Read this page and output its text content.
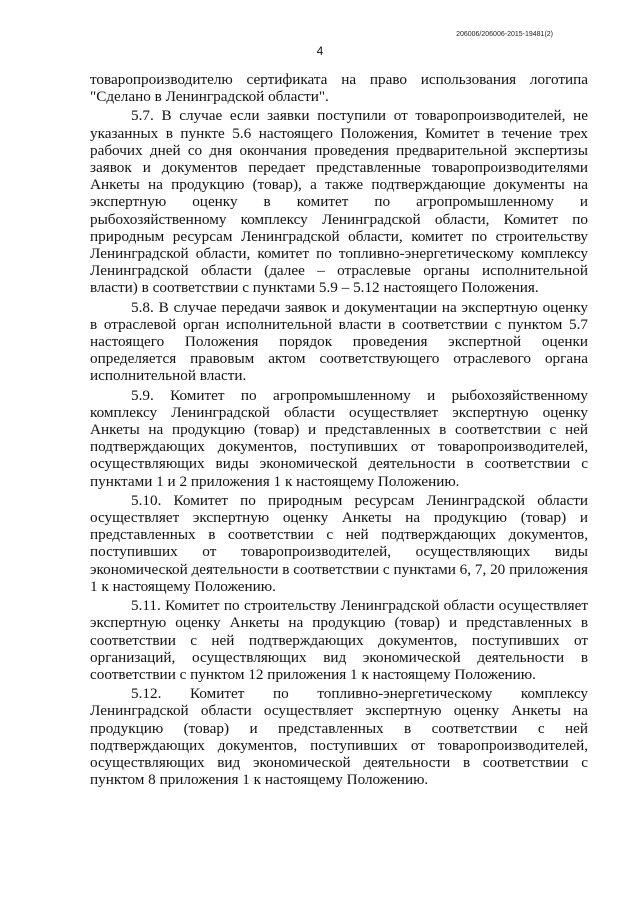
206006/206006-2015-19481(2)
4

товаропроизводителю сертификата на право использования логотипа "Сделано в Ленинградской области".

5.7. В случае если заявки поступили от товаропроизводителей, не указанных в пункте 5.6 настоящего Положения, Комитет в течение трех рабочих дней со дня окончания проведения предварительной экспертизы заявок и документов передает представленные товаропроизводителями Анкеты на продукцию (товар), а также подтверждающие документы на экспертную оценку в комитет по агропромышленному и рыбохозяйственному комплексу Ленинградской области, Комитет по природным ресурсам Ленинградской области, комитет по строительству Ленинградской области, комитет по топливно-энергетическому комплексу Ленинградской области (далее – отраслевые органы исполнительной власти) в соответствии с пунктами 5.9 – 5.12 настоящего Положения.

5.8. В случае передачи заявок и документации на экспертную оценку в отраслевой орган исполнительной власти в соответствии с пунктом 5.7 настоящего Положения порядок проведения экспертной оценки определяется правовым актом соответствующего отраслевого органа исполнительной власти.

5.9. Комитет по агропромышленному и рыбохозяйственному комплексу Ленинградской области осуществляет экспертную оценку Анкеты на продукцию (товар) и представленных в соответствии с ней подтверждающих документов, поступивших от товаропроизводителей, осуществляющих виды экономической деятельности в соответствии с пунктами 1 и 2 приложения 1 к настоящему Положению.

5.10. Комитет по природным ресурсам Ленинградской области осуществляет экспертную оценку Анкеты на продукцию (товар) и представленных в соответствии с ней подтверждающих документов, поступивших от товаропроизводителей, осуществляющих виды экономической деятельности в соответствии с пунктами 6, 7, 20 приложения 1 к настоящему Положению.

5.11. Комитет по строительству Ленинградской области осуществляет экспертную оценку Анкеты на продукцию (товар) и представленных в соответствии с ней подтверждающих документов, поступивших от организаций, осуществляющих вид экономической деятельности в соответствии с пунктом 12 приложения 1 к настоящему Положению.

5.12. Комитет по топливно-энергетическому комплексу Ленинградской области осуществляет экспертную оценку Анкеты на продукцию (товар) и представленных в соответствии с ней подтверждающих документов, поступивших от товаропроизводителей, осуществляющих вид экономической деятельности в соответствии с пунктом 8 приложения 1 к настоящему Положению.
